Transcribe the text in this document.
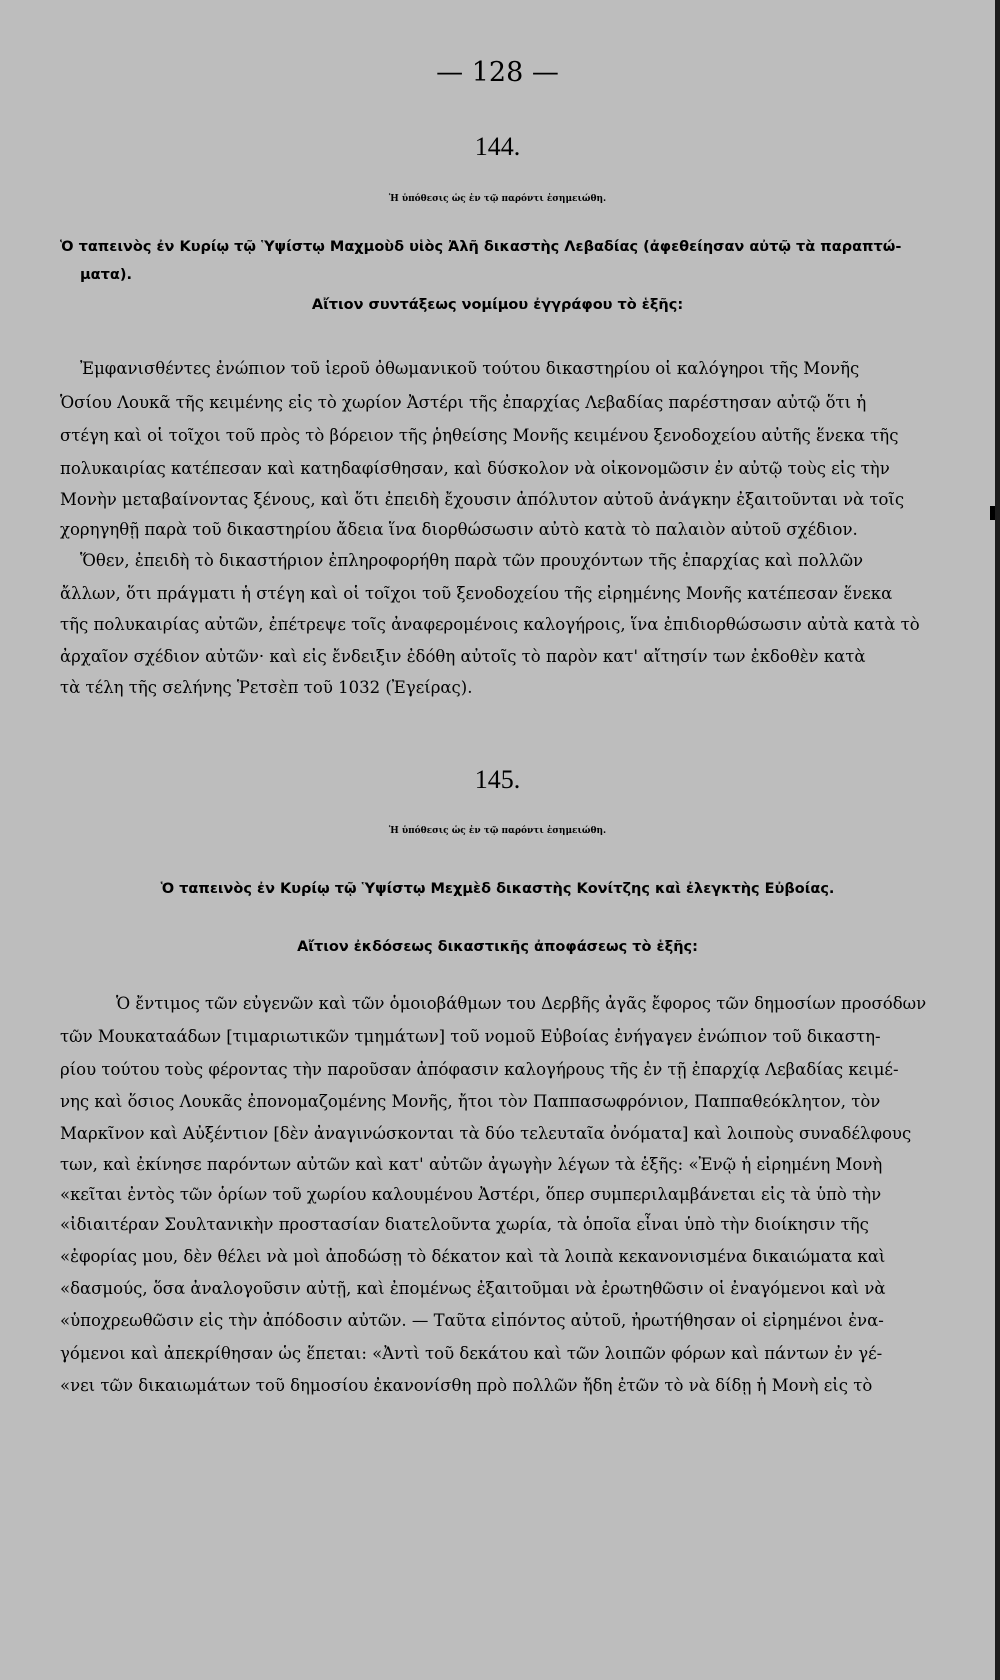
— 128 —
144.
Ἡ ὑπόθεσις ὡς ἐν τῷ παρόντι ἐσημειώθη.
Ὁ ταπεινὸς ἐν Κυρίῳ τῷ Ὑψίστῳ Μαχμοὺδ υἱὸς Ἀλῆ δικαστὴς Λεβαδίας (ἀφεθείησαν αὐτῷ τὰ παραπτώ-
ματα).
Αἴτιον συντάξεως νομίμου ἐγγράφου τὸ ἑξῆς:
Ἐμφανισθέντες ἐνώπιον τοῦ ἱεροῦ ὀθωμανικοῦ τούτου δικαστηρίου οἱ καλόγηροι τῆς Μονῆς
Ὁσίου Λουκᾶ τῆς κειμένης εἰς τὸ χωρίον Ἀστέρι τῆς ἐπαρχίας Λεβαδίας παρέστησαν αὐτῷ ὅτι ἡ
στέγη καὶ οἱ τοῖχοι τοῦ πρὸς τὸ βόρειον τῆς ῥηθείσης Μονῆς κειμένου ξενοδοχείου αὐτῆς ἕνεκα τῆς
πολυκαιρίας κατέπεσαν καὶ κατηδαφίσθησαν, καὶ δύσκολον νὰ οἰκονομῶσιν ἐν αὐτῷ τοὺς εἰς τὴν
Μονὴν μεταβαίνοντας ξένους, καὶ ὅτι ἐπειδὴ ἔχουσιν ἀπόλυτον αὐτοῦ ἀνάγκην ἐξαιτοῦνται νὰ τοῖς
χορηγηθῇ παρὰ τοῦ δικαστηρίου ἄδεια ἵνα διορθώσωσιν αὐτὸ κατὰ τὸ παλαιὸν αὐτοῦ σχέδιον.
Ὅθεν, ἐπειδὴ τὸ δικαστήριον ἐπληροφορήθη παρὰ τῶν προυχόντων τῆς ἐπαρχίας καὶ πολλῶν
ἄλλων, ὅτι πράγματι ἡ στέγη καὶ οἱ τοῖχοι τοῦ ξενοδοχείου τῆς εἰρημένης Μονῆς κατέπεσαν ἕνεκα
τῆς πολυκαιρίας αὐτῶν, ἐπέτρεψε τοῖς ἀναφερομένοις καλογήροις, ἵνα ἐπιδιορθώσωσιν αὐτὰ κατὰ τὸ
ἀρχαῖον σχέδιον αὐτῶν· καὶ εἰς ἔνδειξιν ἐδόθη αὐτοῖς τὸ παρὸν κατ' αἴτησίν των ἐκδοθὲν κατὰ
τὰ τέλη τῆς σελήνης Ῥετσὲπ τοῦ 1032 (Ἐγείρας).
145.
Ἡ ὑπόθεσις ὡς ἐν τῷ παρόντι ἐσημειώθη.
Ὁ ταπεινὸς ἐν Κυρίῳ τῷ Ὑψίστῳ Μεχμὲδ δικαστὴς Κονίτζης καὶ ἐλεγκτὴς Εὐβοίας.
Αἴτιον ἐκδόσεως δικαστικῆς ἀποφάσεως τὸ ἑξῆς:
Ὁ ἔντιμος τῶν εὐγενῶν καὶ τῶν ὁμοιοβάθμων του Δερβῆς ἀγᾶς ἔφορος τῶν δημοσίων προσόδων
τῶν Μουκαταάδων [τιμαριωτικῶν τμημάτων] τοῦ νομοῦ Εὐβοίας ἐνήγαγεν ἐνώπιον τοῦ δικαστη-
ρίου τούτου τοὺς φέροντας τὴν παροῦσαν ἀπόφασιν καλογήρους τῆς ἐν τῇ ἐπαρχίᾳ Λεβαδίας κειμέ-
νης καὶ ὅσιος Λουκᾶς ἐπονομαζομένης Μονῆς, ἤτοι τὸν Παππασωφρόνιον, Παππαθεόκλητον, τὸν
Μαρκῖνον καὶ Αὐξέντιον [δὲν ἀναγινώσκονται τὰ δύο τελευταῖα ὀνόματα] καὶ λοιποὺς συναδέλφους
των, καὶ ἐκίνησε παρόντων αὐτῶν καὶ κατ' αὐτῶν ἀγωγὴν λέγων τὰ ἑξῆς: «Ἐνῷ ἡ εἰρημένη Μονὴ
«κεῖται ἐντὸς τῶν ὁρίων τοῦ χωρίου καλουμένου Ἀστέρι, ὅπερ συμπεριλαμβάνεται εἰς τὰ ὑπὸ τὴν
«ἰδιαιτέραν Σουλτανικὴν προστασίαν διατελοῦντα χωρία, τὰ ὁποῖα εἶναι ὑπὸ τὴν διοίκησιν τῆς
«ἐφορίας μου, δὲν θέλει νὰ μοὶ ἀποδώσῃ τὸ δέκατον καὶ τὰ λοιπὰ κεκανονισμένα δικαιώματα καὶ
«δασμούς, ὅσα ἀναλογοῦσιν αὐτῇ, καὶ ἐπομένως ἐξαιτοῦμαι νὰ ἐρωτηθῶσιν οἱ ἐναγόμενοι καὶ νὰ
«ὑποχρεωθῶσιν εἰς τὴν ἀπόδοσιν αὐτῶν. — Ταῦτα εἰπόντος αὐτοῦ, ἠρωτήθησαν οἱ εἰρημένοι ἐνα-
γόμενοι καὶ ἀπεκρίθησαν ὡς ἕπεται: «Ἀντὶ τοῦ δεκάτου καὶ τῶν λοιπῶν φόρων καὶ πάντων ἐν γέ-
«νει τῶν δικαιωμάτων τοῦ δημοσίου ἐκανονίσθη πρὸ πολλῶν ἤδη ἐτῶν τὸ νὰ δίδῃ ἡ Μονὴ εἰς τὸ
